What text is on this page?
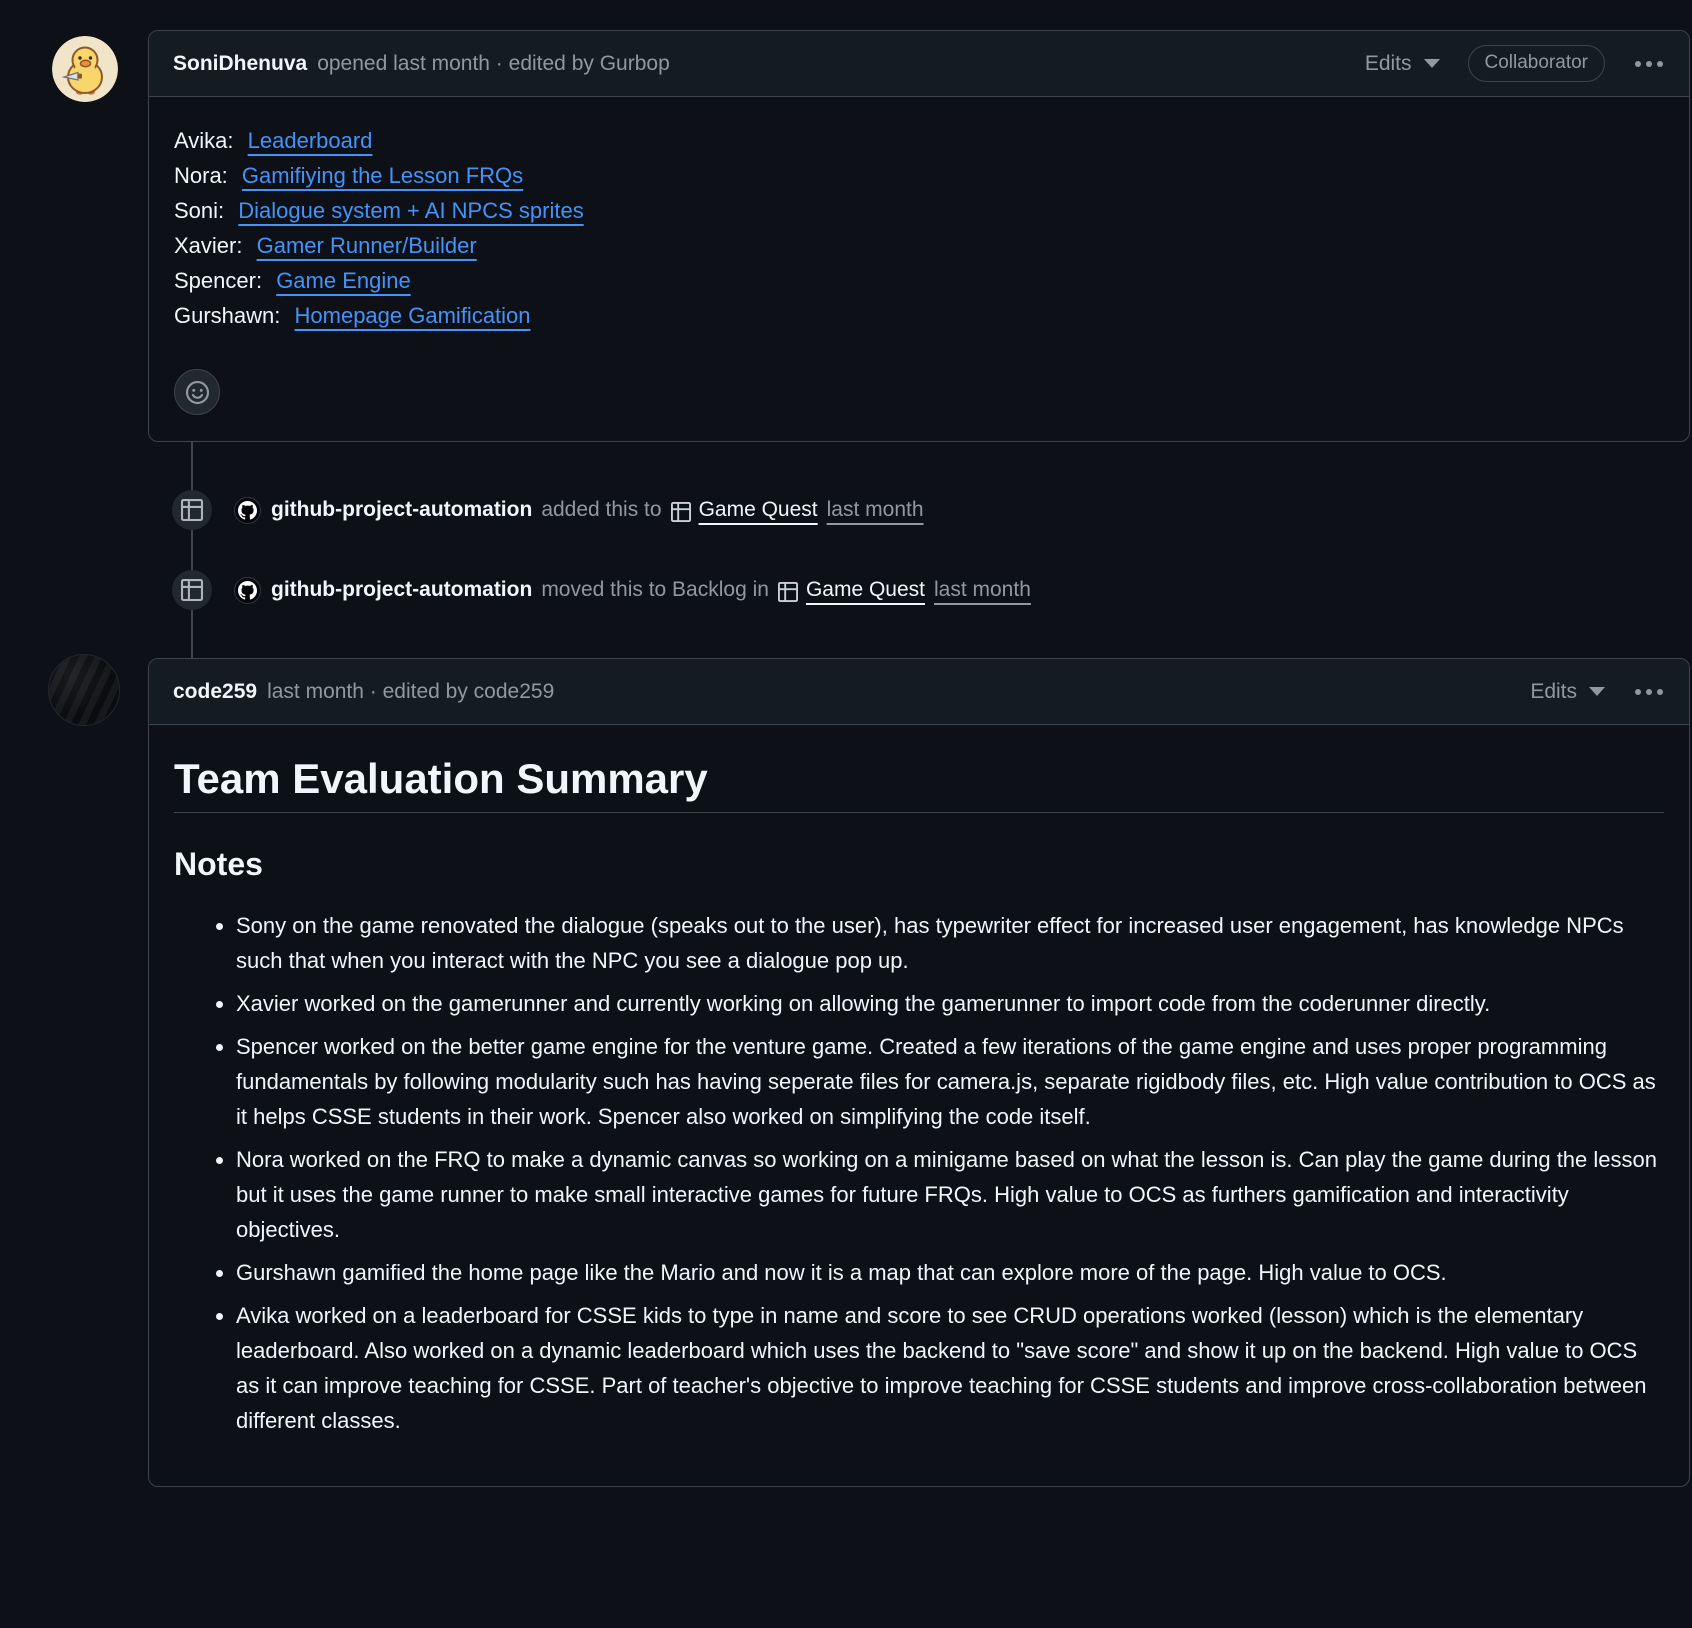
SoniDhenuva opened last month · edited by Gurbop	Edits	Collaborator
Avika: Leaderboard
Nora: Gamifiying the Lesson FRQs
Soni: Dialogue system + AI NPCS sprites
Xavier: Gamer Runner/Builder
Spencer: Game Engine
Gurshawn: Homepage Gamification
github-project-automation added this to Game Quest last month
github-project-automation moved this to Backlog in Game Quest last month
code259 last month · edited by code259	Edits
Team Evaluation Summary
Notes
• Sony on the game renovated the dialogue (speaks out to the user), has typewriter effect for increased user engagement, has knowledge NPCs such that when you interact with the NPC you see a dialogue pop up.
• Xavier worked on the gamerunner and currently working on allowing the gamerunner to import code from the coderunner directly.
• Spencer worked on the better game engine for the venture game. Created a few iterations of the game engine and uses proper programming fundamentals by following modularity such has having seperate files for camera.js, separate rigidbody files, etc. High value contribution to OCS as it helps CSSE students in their work. Spencer also worked on simplifying the code itself.
• Nora worked on the FRQ to make a dynamic canvas so working on a minigame based on what the lesson is. Can play the game during the lesson but it uses the game runner to make small interactive games for future FRQs. High value to OCS as furthers gamification and interactivity objectives.
• Gurshawn gamified the home page like the Mario and now it is a map that can explore more of the page. High value to OCS.
• Avika worked on a leaderboard for CSSE kids to type in name and score to see CRUD operations worked (lesson) which is the elementary leaderboard. Also worked on a dynamic leaderboard which uses the backend to "save score" and show it up on the backend. High value to OCS as it can improve teaching for CSSE. Part of teacher's objective to improve teaching for CSSE students and improve cross-collaboration between different classes.
